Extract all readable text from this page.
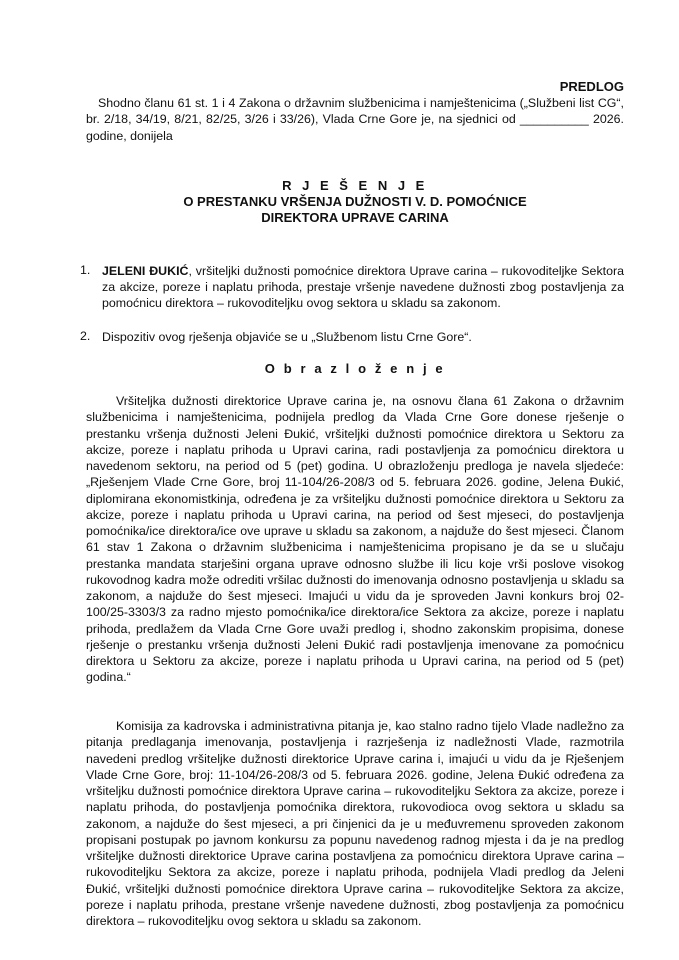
PREDLOG
Shodno članu 61 st. 1 i 4 Zakona o državnim službenicima i namještenicima („Službeni list CG“, br. 2/18, 34/19, 8/21, 82/25, 3/26 i 33/26), Vlada Crne Gore je, na sjednici od __________ 2026. godine, donijela
R J E Š E N J E
O PRESTANKU VRŠENJA DUŽNOSTI V. D. POMOĆNICE
DIREKTORA UPRAVE CARINA
1. JELENI ĐUKIĆ, vršiteljki dužnosti pomoćnice direktora Uprave carina – rukovoditeljke Sektora za akcize, poreze i naplatu prihoda, prestaje vršenje navedene dužnosti zbog postavljenja za pomoćnicu direktora – rukovoditeljku ovog sektora u skladu sa zakonom.
2. Dispozitiv ovog rješenja objaviće se u „Službenom listu Crne Gore“.
O b r a z l o ž e n j e
Vršiteljka dužnosti direktorice Uprave carina je, na osnovu člana 61 Zakona o državnim službenicima i namještenicima, podnijela predlog da Vlada Crne Gore donese rješenje o prestanku vršenja dužnosti Jeleni Đukić, vršiteljki dužnosti pomoćnice direktora u Sektoru za akcize, poreze i naplatu prihoda u Upravi carina, radi postavljenja za pomoćnicu direktora u navedenom sektoru, na period od 5 (pet) godina. U obrazloženju predloga je navela sljedeće: „Rješenjem Vlade Crne Gore, broj 11-104/26-208/3 od 5. februara 2026. godine, Jelena Đukić, diplomirana ekonomistkinja, određena je za vršiteljku dužnosti pomoćnice direktora u Sektoru za akcize, poreze i naplatu prihoda u Upravi carina, na period od šest mjeseci, do postavljenja pomoćnika/ice direktora/ice ove uprave u skladu sa zakonom, a najduže do šest mjeseci. Članom 61 stav 1 Zakona o državnim službenicima i namještenicima propisano je da se u slučaju prestanka mandata starješini organa uprave odnosno službe ili licu koje vrši poslove visokog rukovodnog kadra može odrediti vršilac dužnosti do imenovanja odnosno postavljenja u skladu sa zakonom, a najduže do šest mjeseci. Imajući u vidu da je sproveden Javni konkurs broj 02-100/25-3303/3 za radno mjesto pomoćnika/ice direktora/ice Sektora za akcize, poreze i naplatu prihoda, predlažem da Vlada Crne Gore uvaži predlog i, shodno zakonskim propisima, donese rješenje o prestanku vršenja dužnosti Jeleni Đukić radi postavljenja imenovane za pomoćnicu direktora u Sektoru za akcize, poreze i naplatu prihoda u Upravi carina, na period od 5 (pet) godina.“
Komisija za kadrovska i administrativna pitanja je, kao stalno radno tijelo Vlade nadležno za pitanja predlaganja imenovanja, postavljenja i razrješenja iz nadležnosti Vlade, razmotrila navedeni predlog vršiteljke dužnosti direktorice Uprave carina i, imajući u vidu da je Rješenjem Vlade Crne Gore, broj: 11-104/26-208/3 od 5. februara 2026. godine, Jelena Đukić određena za vršiteljku dužnosti pomoćnice direktora Uprave carina – rukovoditeljku Sektora za akcize, poreze i naplatu prihoda, do postavljenja pomoćnika direktora, rukovodioca ovog sektora u skladu sa zakonom, a najduže do šest mjeseci, a pri činjenici da je u međuvremenu sproveden zakonom propisani postupak po javnom konkursu za popunu navedenog radnog mjesta i da je na predlog vršiteljke dužnosti direktorice Uprave carina postavljena za pomoćnicu direktora Uprave carina – rukovoditeljku Sektora za akcize, poreze i naplatu prihoda, podnijela Vladi predlog da Jeleni Đukić, vršiteljki dužnosti pomoćnice direktora Uprave carina – rukovoditeljke Sektora za akcize, poreze i naplatu prihoda, prestane vršenje navedene dužnosti, zbog postavljenja za pomoćnicu direktora – rukovoditeljku ovog sektora u skladu sa zakonom.
